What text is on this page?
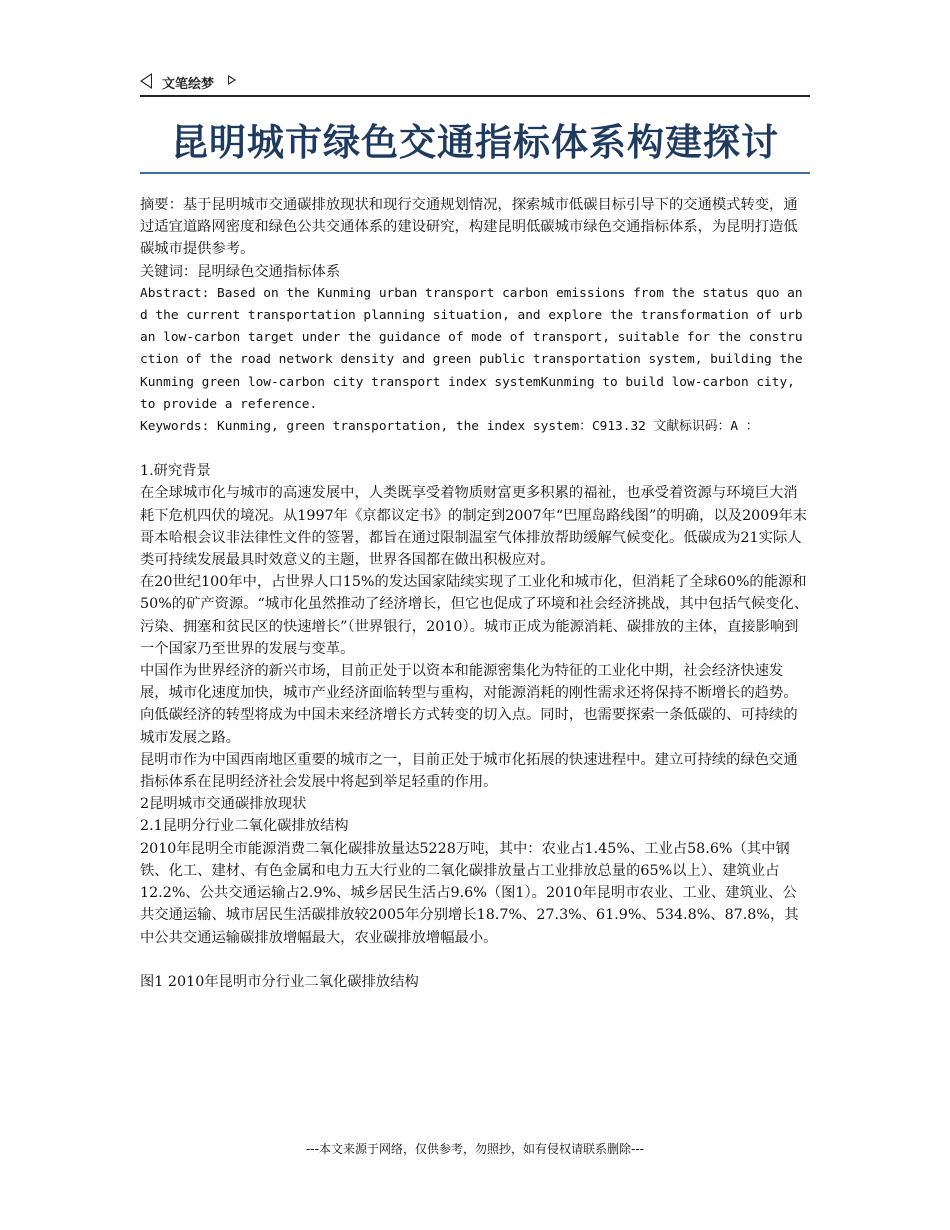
文笔绘梦
昆明城市绿色交通指标体系构建探讨

摘要：基于昆明城市交通碳排放现状和现行交通规划情况，探索城市低碳目标引导下的交通模式转变，通过适宜道路网密度和绿色公共交通体系的建设研究，构建昆明低碳城市绿色交通指标体系，为昆明打造低碳城市提供参考。

关键词：昆明绿色交通指标体系

Abstract: Based on the Kunming urban transport carbon emissions from the status quo and the current transportation planning situation, and explore the transformation of urban low-carbon target under the guidance of mode of transport, suitable for the construction of the road network density and green public transportation system, building the Kunming green low-carbon city transport index systemKunming to build low-carbon city, to provide a reference.

Keywords: Kunming, green transportation, the index system：C913.32 文献标识码：A ：

1.研究背景

在全球城市化与城市的高速发展中，人类既享受着物质财富更多积累的福祉，也承受着资源与环境巨大消耗下危机四伏的境况。从1997年《京都议定书》的制定到2007年“巴厘岛路线图”的明确，以及2009年末哥本哈根会议非法律性文件的签署，都旨在通过限制温室气体排放帮助缓解气候变化。低碳成为21实际人类可持续发展最具时效意义的主题，世界各国都在做出积极应对。

在20世纪100年中，占世界人口15%的发达国家陆续实现了工业化和城市化，但消耗了全球60%的能源和50%的矿产资源。“城市化虽然推动了经济增长，但它也促成了环境和社会经济挑战，其中包括气候变化、污染、拥塞和贫民区的快速增长”（世界银行，2010）。城市正成为能源消耗、碳排放的主体，直接影响到一个国家乃至世界的发展与变革。

中国作为世界经济的新兴市场，目前正处于以资本和能源密集化为特征的工业化中期，社会经济快速发展，城市化速度加快，城市产业经济面临转型与重构，对能源消耗的刚性需求还将保持不断增长的趋势。向低碳经济的转型将成为中国未来经济增长方式转变的切入点。同时，也需要探索一条低碳的、可持续的城市发展之路。

昆明市作为中国西南地区重要的城市之一，目前正处于城市化拓展的快速进程中。建立可持续的绿色交通指标体系在昆明经济社会发展中将起到举足轻重的作用。

2昆明城市交通碳排放现状

2.1昆明分行业二氧化碳排放结构

2010年昆明全市能源消费二氧化碳排放量达5228万吨，其中：农业占1.45%、工业占58.6%（其中钢铁、化工、建材、有色金属和电力五大行业的二氧化碳排放量占工业排放总量的65%以上）、建筑业占12.2%、公共交通运输占2.9%、城乡居民生活占9.6%（图1）。2010年昆明市农业、工业、建筑业、公共交通运输、城市居民生活碳排放较2005年分别增长18.7%、27.3%、61.9%、534.8%、87.8%，其中公共交通运输碳排放增幅最大，农业碳排放增幅最小。

图1 2010年昆明市分行业二氧化碳排放结构

---本文来源于网络，仅供参考，勿照抄，如有侵权请联系删除---
